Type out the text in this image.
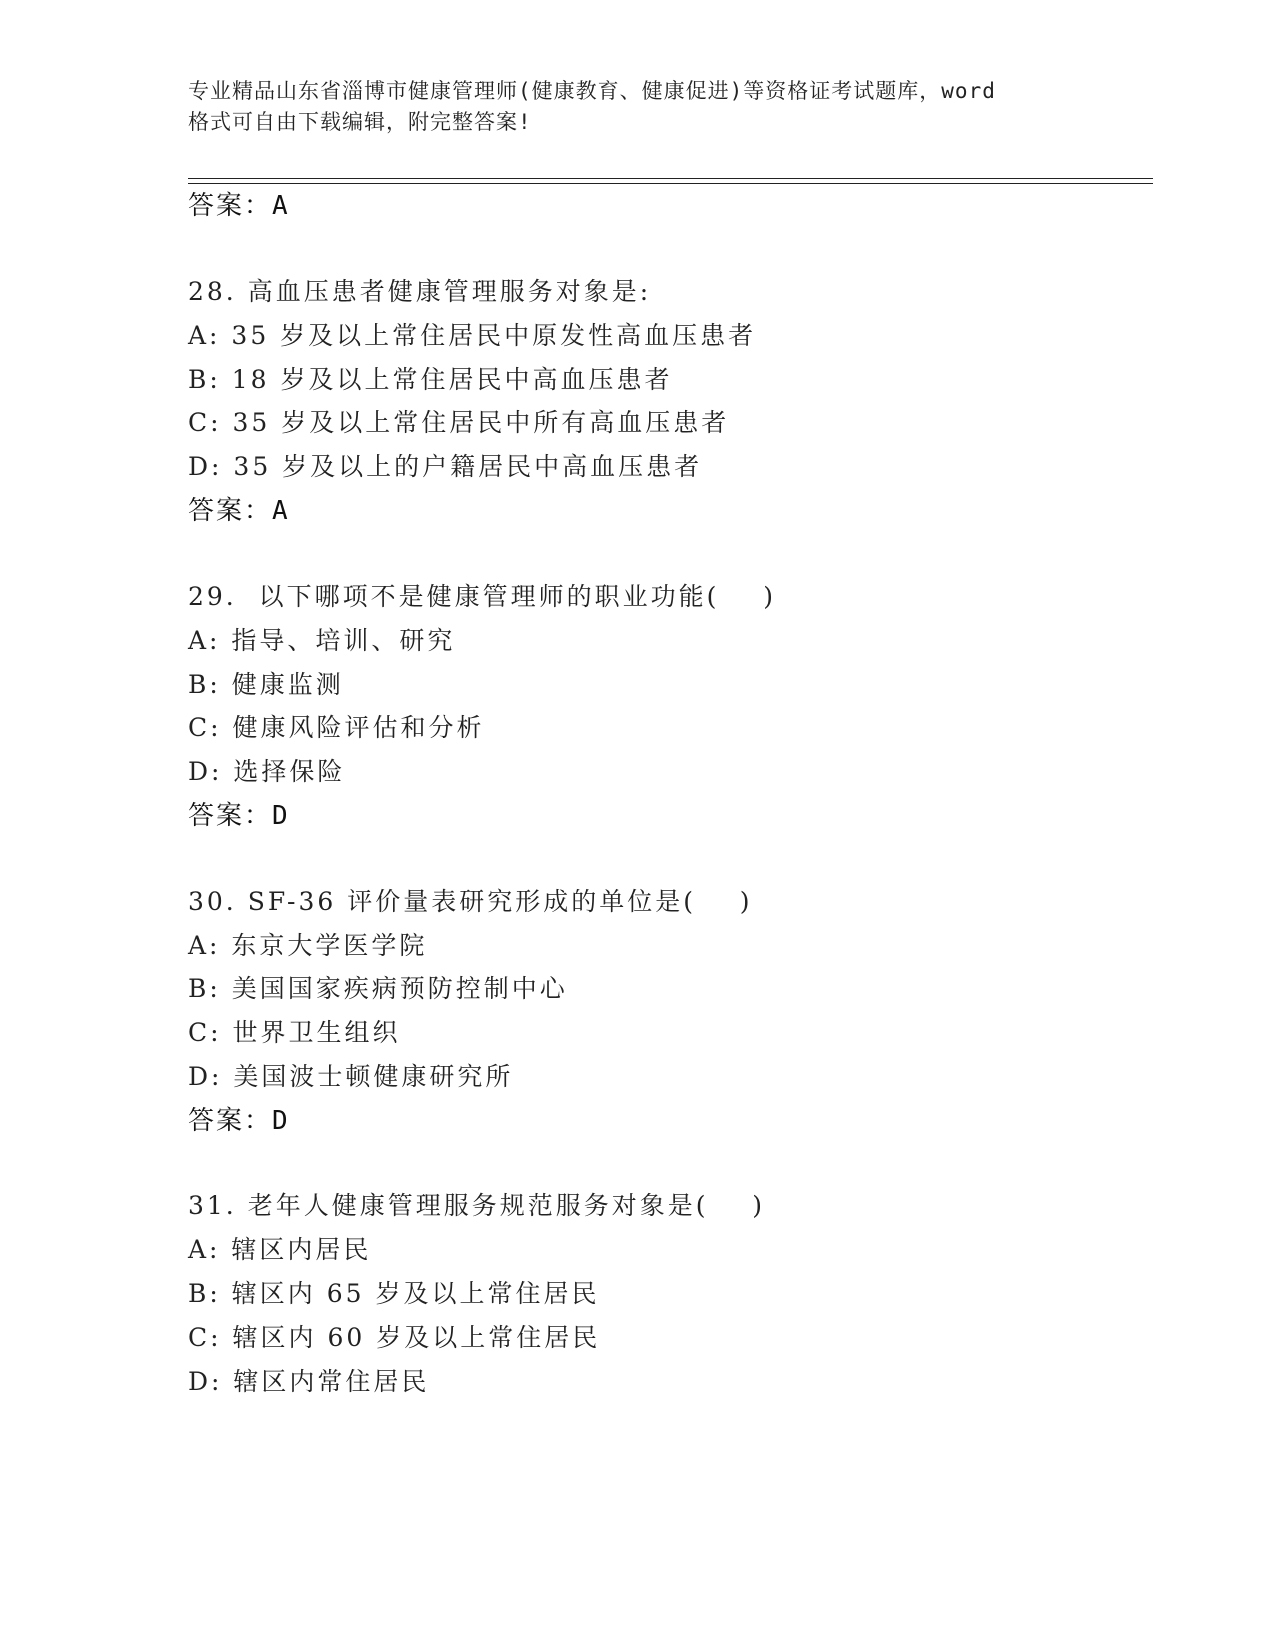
专业精品山东省淄博市健康管理师(健康教育、健康促进)等资格证考试题库，word
格式可自由下载编辑，附完整答案!
答案：A
28. 高血压患者健康管理服务对象是:
A: 35 岁及以上常住居民中原发性高血压患者
B: 18 岁及以上常住居民中高血压患者
C: 35 岁及以上常住居民中所有高血压患者
D: 35 岁及以上的户籍居民中高血压患者
答案：A
29.  以下哪项不是健康管理师的职业功能(    )
A: 指导、培训、研究
B: 健康监测
C: 健康风险评估和分析
D: 选择保险
答案：D
30. SF-36 评价量表研究形成的单位是(    )
A: 东京大学医学院
B: 美国国家疾病预防控制中心
C: 世界卫生组织
D: 美国波士顿健康研究所
答案：D
31. 老年人健康管理服务规范服务对象是(    )
A: 辖区内居民
B: 辖区内 65 岁及以上常住居民
C: 辖区内 60 岁及以上常住居民
D: 辖区内常住居民
